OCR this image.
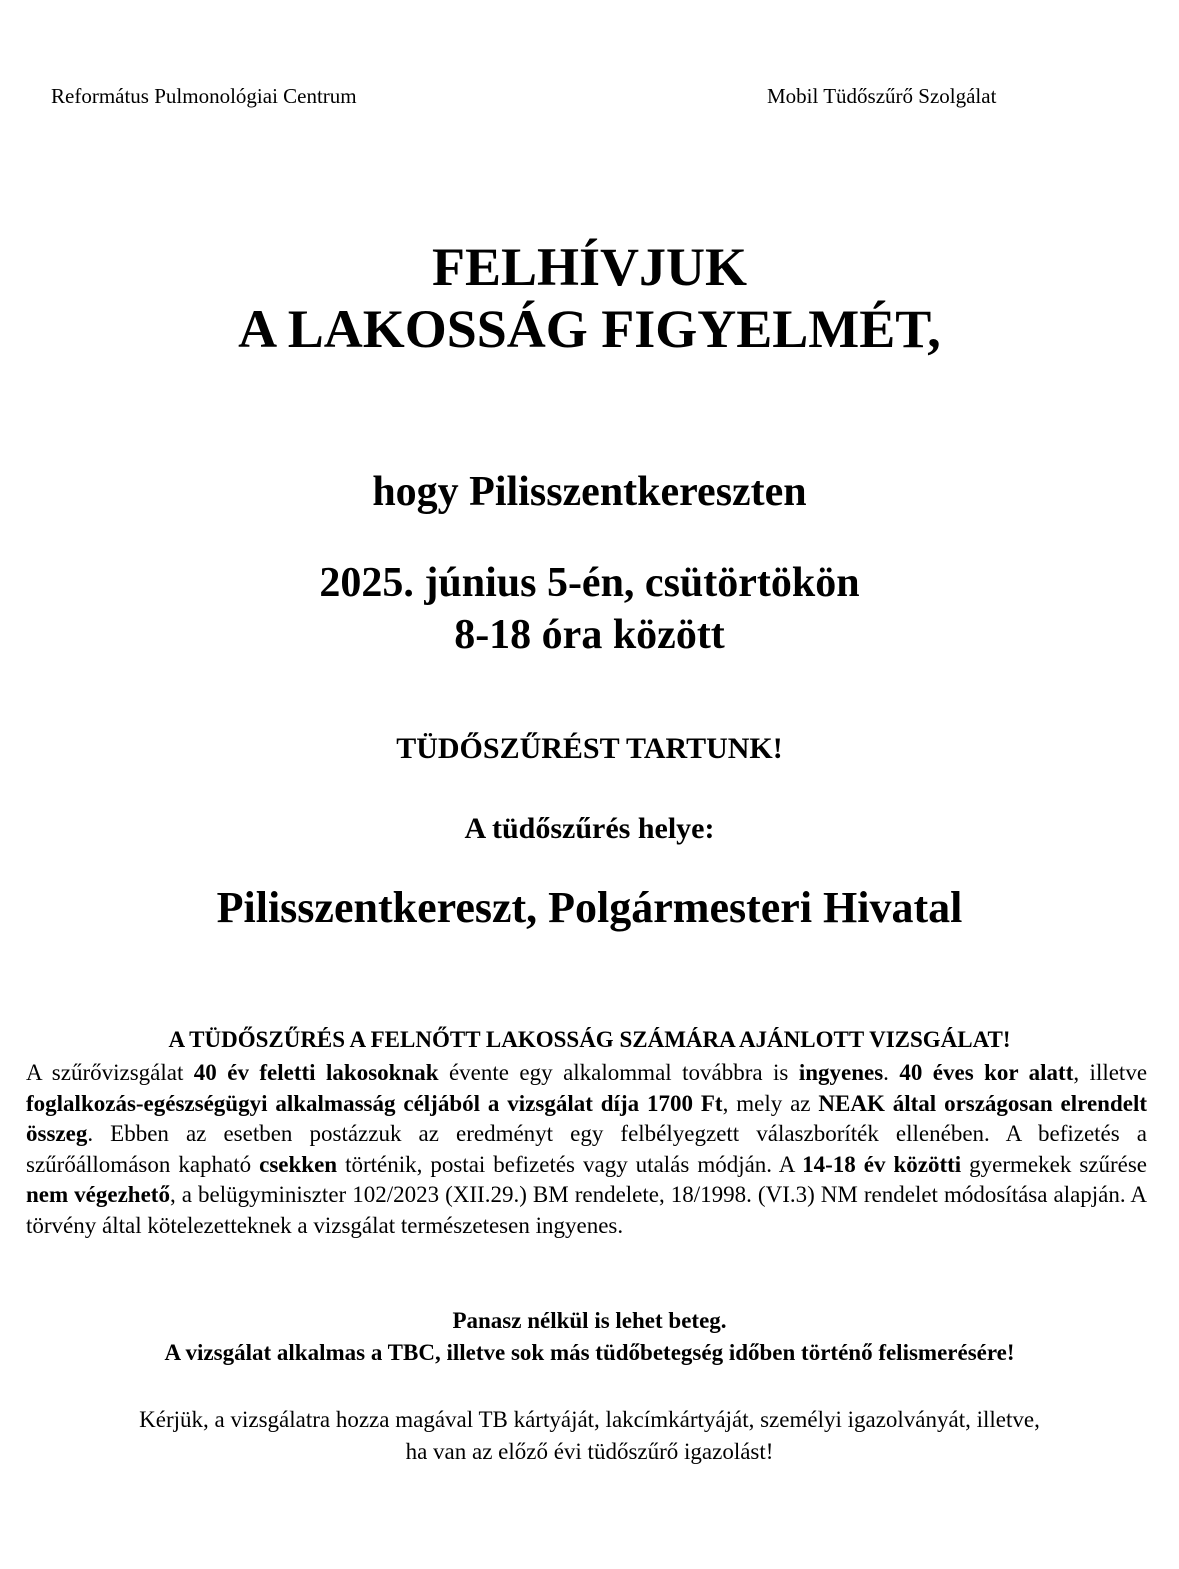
Református Pulmonológiai Centrum	Mobil Tüdőszűrő Szolgálat
FELHÍVJUK
A LAKOSSÁG FIGYELMÉT,
hogy Pilisszentkereszten
2025. június 5-én, csütörtökön
8-18 óra között
TÜDŐSZŰRÉST TARTUNK!
A tüdőszűrés helye:
Pilisszentkereszt, Polgármesteri Hivatal
A TÜDŐSZŰRÉS A FELNŐTT LAKOSSÁG SZÁMÁRA AJÁNLOTT VIZSGÁLAT!
A szűrővizsgálat 40 év feletti lakosoknak évente egy alkalommal továbbra is ingyenes. 40 éves kor alatt, illetve foglalkozás-egészségügyi alkalmasság céljából a vizsgálat díja 1700 Ft, mely az NEAK által országosan elrendelt összeg. Ebben az esetben postázzuk az eredményt egy felbélyegzett válaszboríték ellenében. A befizetés a szűrőállomáson kapható csekken történik, postai befizetés vagy utalás módján. A 14-18 év közötti gyermekek szűrése nem végezhető, a belügyminiszter 102/2023 (XII.29.) BM rendelete, 18/1998. (VI.3) NM rendelet módosítása alapján. A törvény által kötelezetteknek a vizsgálat természetesen ingyenes.
Panasz nélkül is lehet beteg.
A vizsgálat alkalmas a TBC, illetve sok más tüdőbetegség időben történő felismerésére!
Kérjük, a vizsgálatra hozza magával TB kártyáját, lakcímkártyáját, személyi igazolványát, illetve,
ha van az előző évi tüdőszűrő igazolást!
